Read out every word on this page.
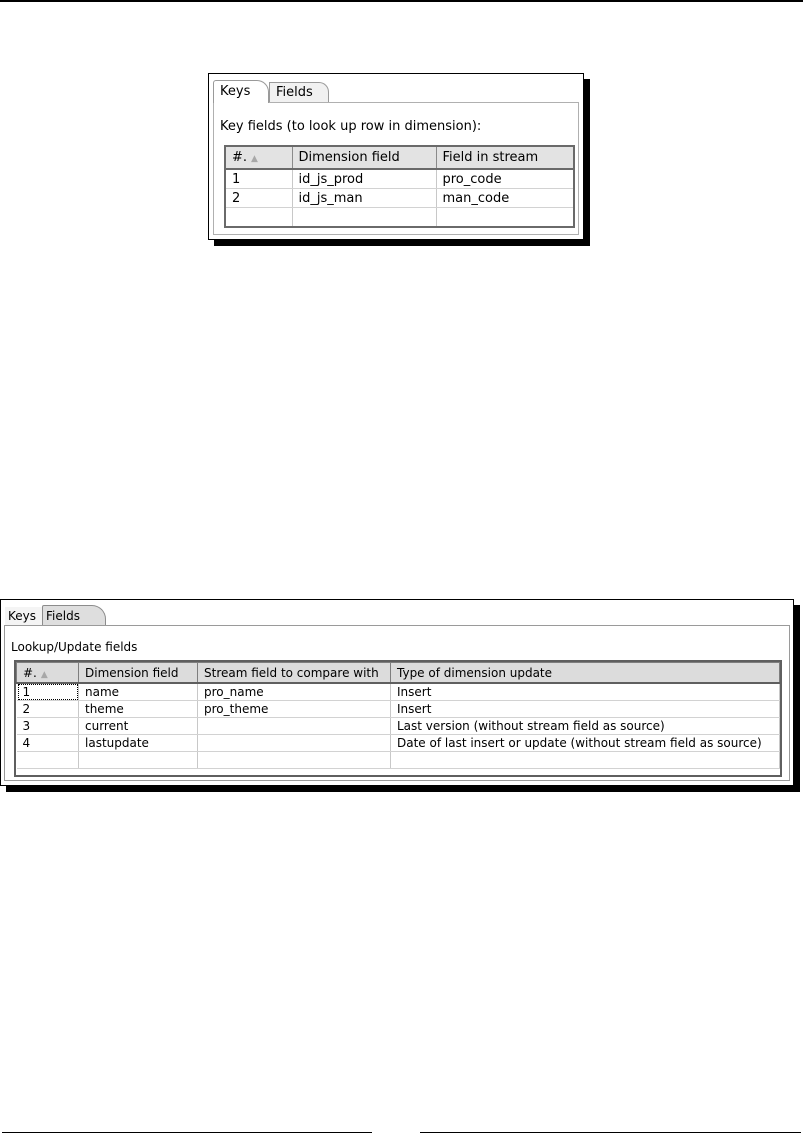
Keys	Fields
Key fields (to look up row in dimension):
#. ▲	Dimension field	Field in stream
1	id_js_prod	pro_code
2	id_js_man	man_code

Keys Fields
Lookup/Update fields
#. ▲	Dimension field	Stream field to compare with	Type of dimension update
1	name	pro_name	Insert
2	theme	pro_theme	Insert
3	current		Last version (without stream field as source)
4	lastupdate		Date of last insert or update (without stream field as source)
